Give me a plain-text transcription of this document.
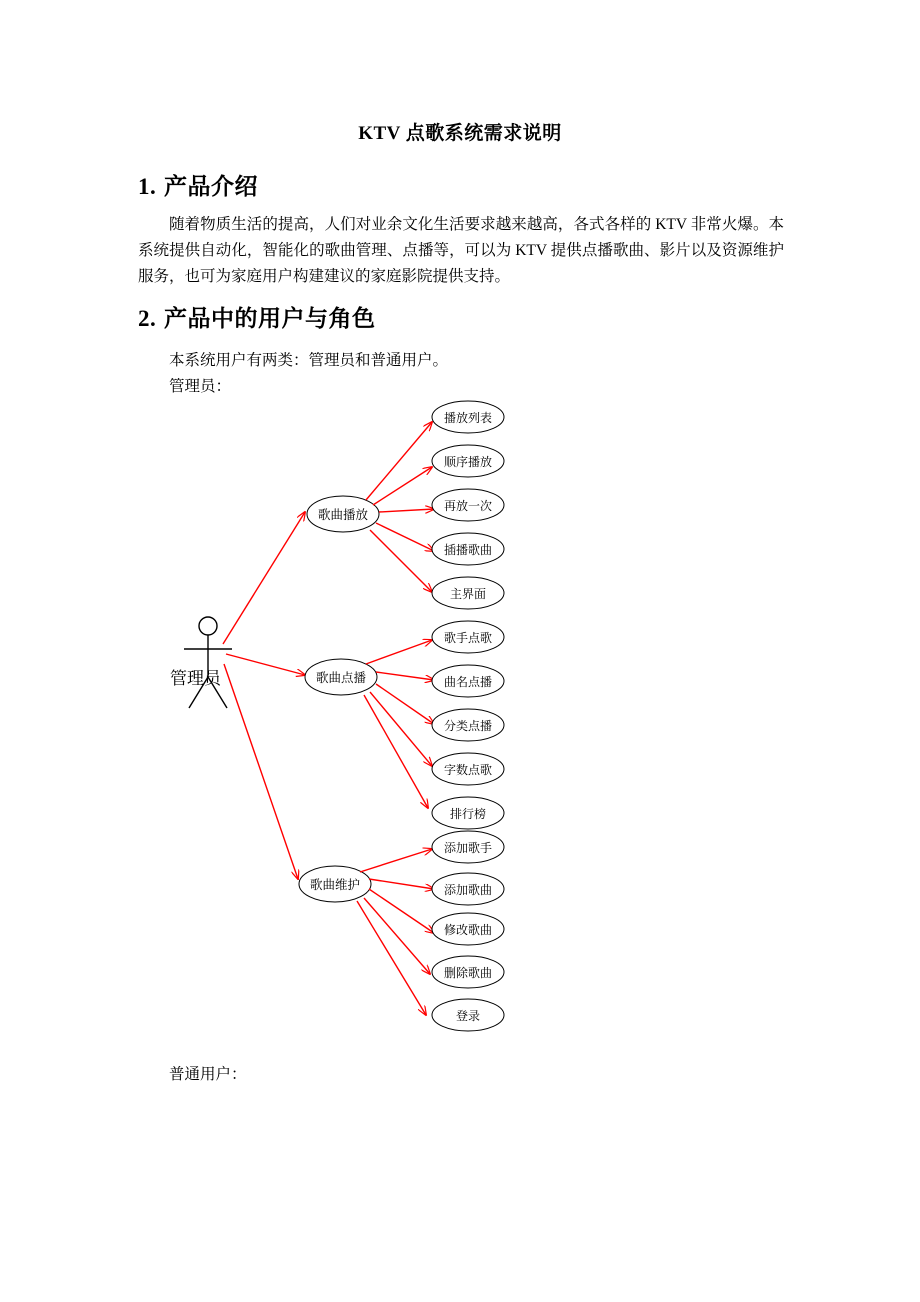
KTV 点歌系统需求说明
1. 产品介绍
随着物质生活的提高，人们对业余文化生活要求越来越高，各式各样的 KTV 非常火爆。本系统提供自动化，智能化的歌曲管理、点播等，可以为 KTV 提供点播歌曲、影片以及资源维护服务，也可为家庭用户构建建议的家庭影院提供支持。
2. 产品中的用户与角色
本系统用户有两类：管理员和普通用户。
管理员：
歌曲播放
播放列表
顺序播放
再放一次
插播歌曲
主界面
歌曲点播
歌手点歌
曲名点播
分类点播
字数点歌
排行榜
歌曲维护
添加歌手
添加歌曲
修改歌曲
删除歌曲
登录
管理员
普通用户：
